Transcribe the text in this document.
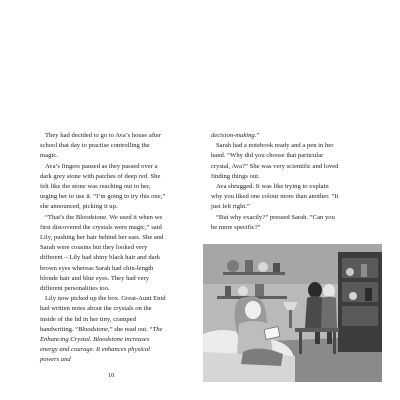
They had decided to go to Ava’s house after school that day to practise controlling the magic.

Ava’s fingers paused as they passed over a dark grey stone with patches of deep red. She felt like the stone was reaching out to her, urging her to use it. “I’m going to try this one,” she announced, picking it up.

“That’s the Bloodstone. We used it when we first discovered the crystals were magic,” said Lily, pushing her hair behind her ears. She and Sarah were cousins but they looked very different – Lily had shiny black hair and dark brown eyes whereas Sarah had chin-length blonde hair and blue eyes. They had very different personalities too.

Lily now picked up the box. Great-Aunt Enid had written notes about the crystals on the inside of the lid in her tiny, cramped handwriting. “Bloodstone,” she read out. “The Enhancing Crystal. Bloodstone increases energy and courage. It enhances physical powers and

10

decision-making.”

Sarah had a notebook ready and a pen in her hand. “Why did you choose that particular crystal, Ava?” She was very scientific and loved finding things out.

Ava shrugged. It was like trying to explain why you liked one colour more than another. “It just felt right.”

“But why exactly?” pressed Sarah. “Can you be more specific?”
